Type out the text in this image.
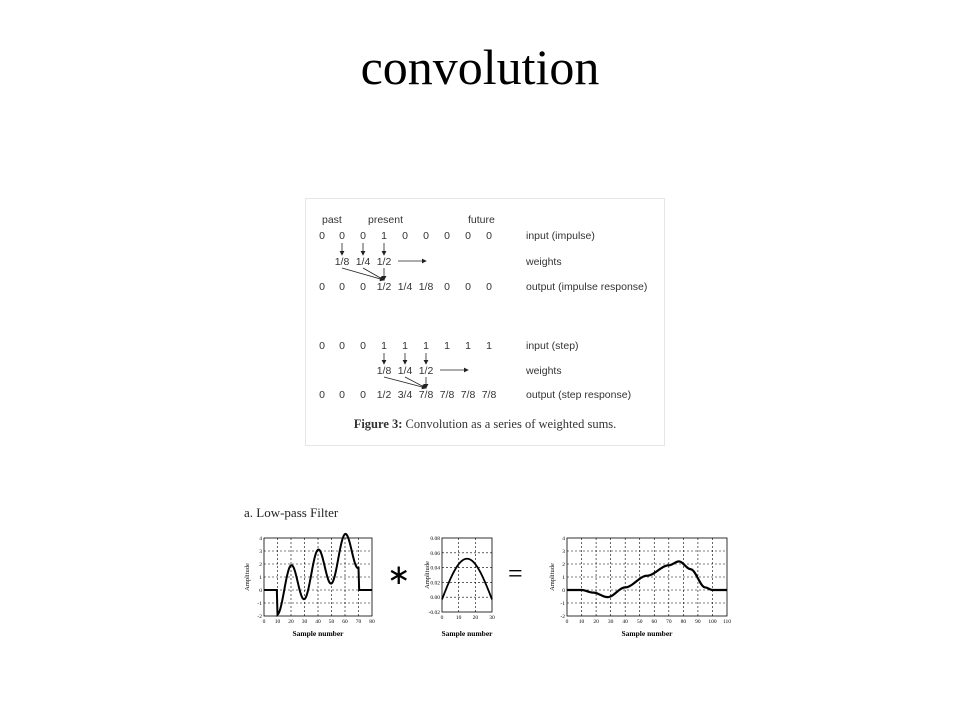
convolution
past present	future
0 0 0 1 0 0 0 0 0	input (impulse)
1/8 1/4 1/2	weights
0 0 0 1/2 1/4 1/8 0 0 0	output (impulse response)
0 0 0 1 1 1 1 1 1	input (step)
1/8 1/4 1/2	weights
0 0 0 1/2 3/4 7/8 7/8 7/8 7/8	output (step response)
Figure 3: Convolution as a series of weighted sums.
a. Low-pass Filter
0 10 20 30 40 50 60 70 80
4
3
2
1
0
-1
-2
Sample number
Amplitude	∗
0 10 20 30
0.08
0.06
0.04
0.02
0.00
-0.02
Sample number
Amplitude	=
0 10 20 30 40 50 60 70 80 90 100 110
4
3
2
1
0
-1
-2
Sample number
Amplitude
